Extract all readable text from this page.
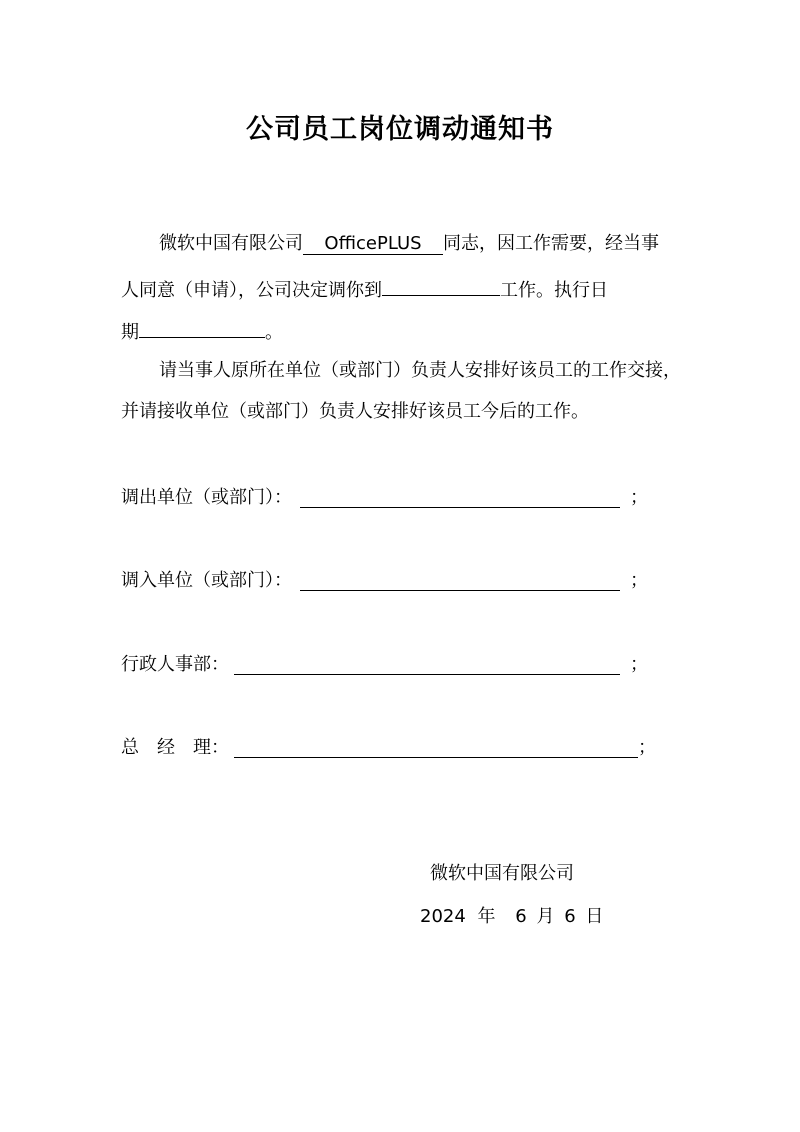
公司员工岗位调动通知书
微软中国有限公司 OfficePLUS 同志，因工作需要，经当事
人同意（申请），公司决定调你到	工作。执行日
期	。
请当事人原所在单位（或部门）负责人安排好该员工的工作交接，
并请接收单位（或部门）负责人安排好该员工今后的工作。
调出单位（或部门）：	；
调入单位（或部门）：	；
行政人事部：	；
总　经　理：	；
微软中国有限公司
2024 年 6 月 6 日
